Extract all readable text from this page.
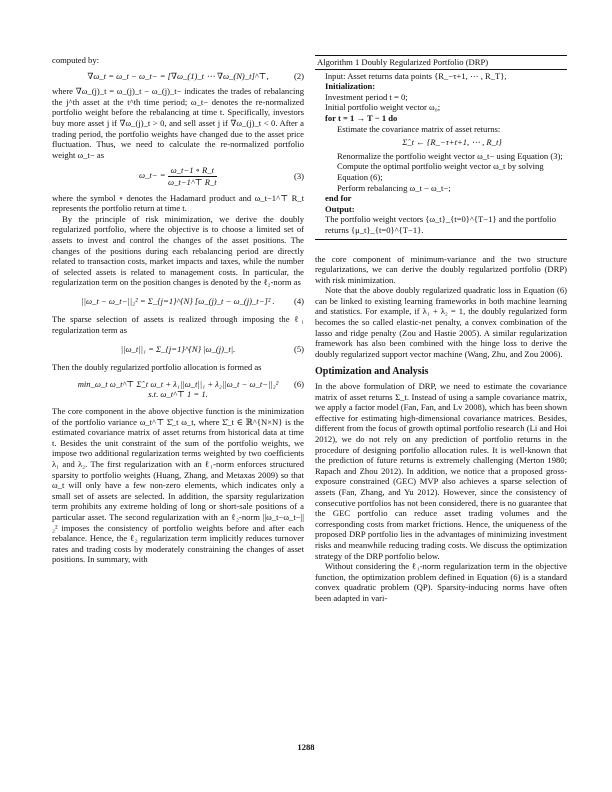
computed by:

∇ω_t = ω_t − ω_t− = [∇ω_(1)_t ⋯ ∇ω_(N)_t]^⊤,	(2)

where ∇ω_(j)_t = ω_(j)_t − ω_(j)_t− indicates the trades of rebalancing the j^th asset at the t^th time period; ω_t− denotes the re-normalized portfolio weight before the rebalancing at time t. Specifically, investors buy more asset j if ∇ω_(j)_t > 0, and sell asset j if ∇ω_(j)_t < 0. After a trading period, the portfolio weights have changed due to the asset price fluctuation. Thus, we need to calculate the re-normalized portfolio weight ω_t− as

ω_t− = $\frac{\omega\_t-1 \circ R\_t}{\omega\_t-1\^{}⊤ R\_t}$	(3)

where the symbol ∘ denotes the Hadamard product and ω_t−1^⊤ R_t represents the portfolio return at time t.

By the principle of risk minimization, we derive the doubly regularized portfolio, where the objective is to choose a limited set of assets to invest and control the changes of the asset positions. The changes of the positions during each rebalancing period are directly related to transaction costs, market impacts and taxes, while the number of selected assets is related to management costs. In particular, the regularization term on the position changes is denoted by the ℓ₂-norm as

||ω_t − ω_t−||₂² = Σ_{j=1}^{N} [ω_(j)_t − ω_(j)_t−]² . (4)

The sparse selection of assets is realized through imposing the ℓ₁ regularization term as

||ω_t||₁ = Σ_{j=1}^{N} |ω_(j)_t|.	(5)

Then the doubly regularized portfolio allocation is formed as

min_ω_t ω_t^⊤ Σ̂_t ω_t + λ₁||ω_t||₁ + λ₂||ω_t − ω_t−||₂²
s.t. ω_t^⊤ 1 = 1.
(6)

The core component in the above objective function is the minimization of the portfolio variance ω_t^⊤ Σ̂_t ω_t, where Σ̂_t ∈ ℝ^{N×N} is the estimated covariance matrix of asset returns from historical data at time t. Besides the unit constraint of the sum of the portfolio weights, we impose two additional regularization terms weighted by two coefficients λ₁ and λ₂. The first regularization with an ℓ₁-norm enforces structured sparsity to portfolio weights (Huang, Zhang, and Metaxas 2009) so that ω_t will only have a few non-zero elements, which indicates only a small set of assets are selected. In addition, the sparsity regularization term prohibits any extreme holding of long or short-sale positions of a particular asset. The second regularization with an ℓ₂-norm ||ω_t−ω_t−||₂² imposes the consistency of portfolio weights before and after each rebalance. Hence, the ℓ₂ regularization term implicitly reduces turnover rates and trading costs by moderately constraining the changes of asset positions. In summary, with

Algorithm 1 Doubly Regularized Portfolio (DRP)
Input: Asset returns data points {R_−τ+1, ⋯ , R_T},
Initialization:
Investment period t = 0;
Initial portfolio weight vector ω₀;
for t = 1 → T − 1 do
Estimate the covariance matrix of asset returns:
Σ̂_t ← {R_−τ+t+1, ⋯ , R_t}
Renormalize the portfolio weight vector ω_t− using Equation (3);
Compute the optimal portfolio weight vector ω_t by solving Equation (6);
Perform rebalancing ω_t − ω_t−;
end for
Output:
The portfolio weight vectors {ω_t}_{t=0}^{T−1} and the portfolio returns {μ_t}_{t=0}^{T−1}.

the core component of minimum-variance and the two structure regularizations, we can derive the doubly regularized portfolio (DRP) with risk minimization.

Note that the above doubly regularized quadratic loss in Equation (6) can be linked to existing learning frameworks in both machine learning and statistics. For example, if λ₁ + λ₂ = 1, the doubly regularized form becomes the so called elastic-net penalty, a convex combination of the lasso and ridge penalty (Zou and Hastie 2005). A similar regularization framework has also been combined with the hinge loss to derive the doubly regularized support vector machine (Wang, Zhu, and Zou 2006).

Optimization and Analysis

In the above formulation of DRP, we need to estimate the covariance matrix of asset returns Σ_t. Instead of using a sample covariance matrix, we apply a factor model (Fan, Fan, and Lv 2008), which has been shown effective for estimating high-dimensional covariance matrices. Besides, different from the focus of growth optimal portfolio research (Li and Hoi 2012), we do not rely on any prediction of portfolio returns in the procedure of designing portfolio allocation rules. It is well-known that the prediction of future returns is extremely challenging (Merton 1980; Rapach and Zhou 2012). In addition, we notice that a proposed gross-exposure constrained (GEC) MVP also achieves a sparse selection of assets (Fan, Zhang, and Yu 2012). However, since the consistency of consecutive portfolios has not been considered, there is no guarantee that the GEC portfolio can reduce asset trading volumes and the corresponding costs from market frictions. Hence, the uniqueness of the proposed DRP portfolio lies in the advantages of minimizing investment risks and meanwhile reducing trading costs. We discuss the optimization strategy of the DRP portfolio below.

Without considering the ℓ₁-norm regularization term in the objective function, the optimization problem defined in Equation (6) is a standard convex quadratic problem (QP). Sparsity-inducing norms have often been adapted in vari-

1288
